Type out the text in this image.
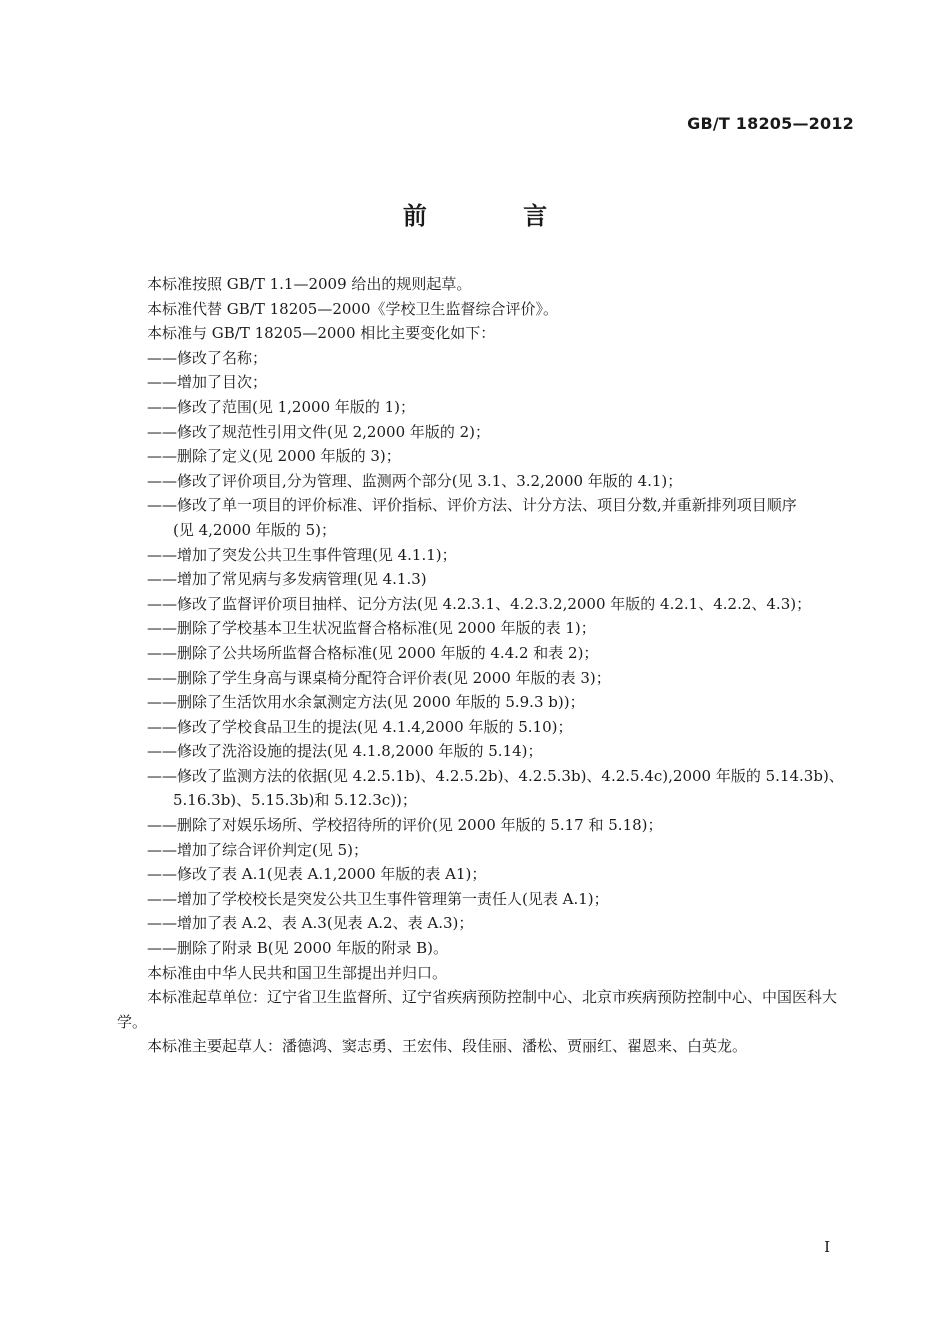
GB/T 18205—2012
前 言

本标准按照 GB/T 1.1—2009 给出的规则起草。

本标准代替 GB/T 18205—2000《学校卫生监督综合评价》。

本标准与 GB/T 18205—2000 相比主要变化如下：

——修改了名称；

——增加了目次；

——修改了范围(见 1,2000 年版的 1)；

——修改了规范性引用文件(见 2,2000 年版的 2)；

——删除了定义(见 2000 年版的 3)；

——修改了评价项目,分为管理、监测两个部分(见 3.1、3.2,2000 年版的 4.1)；

——修改了单一项目的评价标准、评价指标、评价方法、计分方法、项目分数,并重新排列项目顺序
(见 4,2000 年版的 5)；

——增加了突发公共卫生事件管理(见 4.1.1)；

——增加了常见病与多发病管理(见 4.1.3)

——修改了监督评价项目抽样、记分方法(见 4.2.3.1、4.2.3.2,2000 年版的 4.2.1、4.2.2、4.3)；

——删除了学校基本卫生状况监督合格标准(见 2000 年版的表 1)；

——删除了公共场所监督合格标准(见 2000 年版的 4.4.2 和表 2)；

——删除了学生身高与课桌椅分配符合评价表(见 2000 年版的表 3)；

——删除了生活饮用水余氯测定方法(见 2000 年版的 5.9.3 b))；

——修改了学校食品卫生的提法(见 4.1.4,2000 年版的 5.10)；

——修改了洗浴设施的提法(见 4.1.8,2000 年版的 5.14)；

——修改了监测方法的依据(见 4.2.5.1b)、4.2.5.2b)、4.2.5.3b)、4.2.5.4c),2000 年版的 5.14.3b)、
5.16.3b)、5.15.3b)和 5.12.3c))；

——删除了对娱乐场所、学校招待所的评价(见 2000 年版的 5.17 和 5.18)；

——增加了综合评价判定(见 5)；

——修改了表 A.1(见表 A.1,2000 年版的表 A1)；

——增加了学校校长是突发公共卫生事件管理第一责任人(见表 A.1)；

——增加了表 A.2、表 A.3(见表 A.2、表 A.3)；

——删除了附录 B(见 2000 年版的附录 B)。

本标准由中华人民共和国卫生部提出并归口。

本标准起草单位：辽宁省卫生监督所、辽宁省疾病预防控制中心、北京市疾病预防控制中心、中国医科大学。

本标准主要起草人：潘德鸿、窦志勇、王宏伟、段佳丽、潘松、贾丽红、翟恩来、白英龙。

I
